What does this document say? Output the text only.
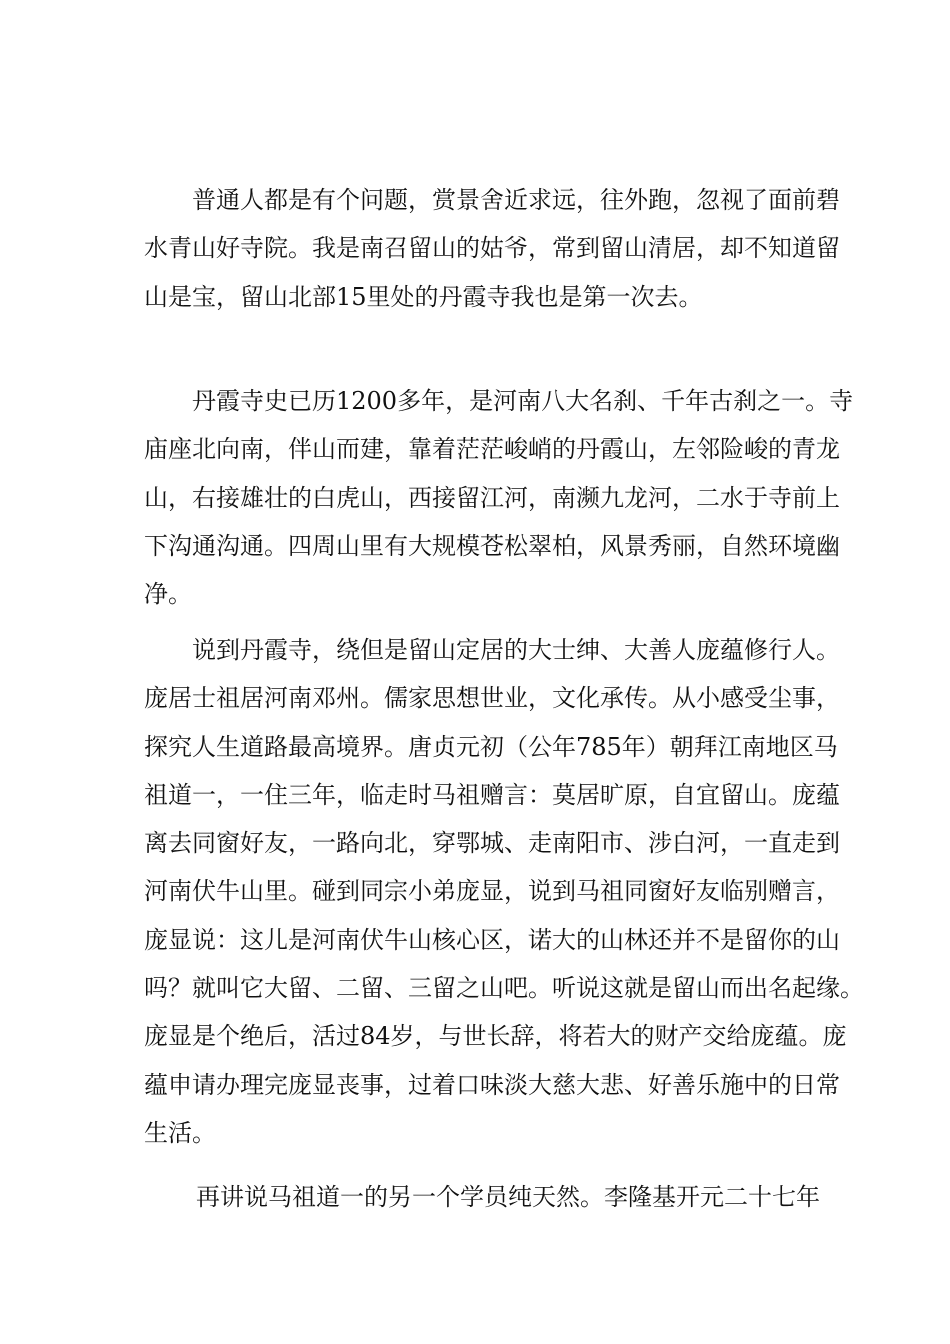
普通人都是有个问题，赏景舍近求远，往外跑，忽视了面前碧
水青山好寺院。我是南召留山的姑爷，常到留山清居，却不知道留
山是宝，留山北部15里处的丹霞寺我也是第一次去。
丹霞寺史已历1200多年，是河南八大名刹、千年古刹之一。寺
庙座北向南，伴山而建，靠着茫茫峻峭的丹霞山，左邻险峻的青龙
山，右接雄壮的白虎山，西接留江河，南濒九龙河，二水于寺前上
下沟通沟通。四周山里有大规模苍松翠柏，风景秀丽，自然环境幽
净。
说到丹霞寺，绕但是留山定居的大士绅、大善人庞蕴修行人。
庞居士祖居河南邓州。儒家思想世业，文化承传。从小感受尘事，
探究人生道路最高境界。唐贞元初（公年785年）朝拜江南地区马
祖道一，一住三年，临走时马祖赠言：莫居旷原，自宜留山。庞蕴
离去同窗好友，一路向北，穿鄂城、走南阳市、涉白河，一直走到
河南伏牛山里。碰到同宗小弟庞显，说到马祖同窗好友临别赠言，
庞显说：这儿是河南伏牛山核心区，诺大的山林还并不是留你的山
吗？就叫它大留、二留、三留之山吧。听说这就是留山而出名起缘。
庞显是个绝后，活过84岁，与世长辞，将若大的财产交给庞蕴。庞
蕴申请办理完庞显丧事，过着口味淡大慈大悲、好善乐施中的日常
生活。
再讲说马祖道一的另一个学员纯天然。李隆基开元二十七年
